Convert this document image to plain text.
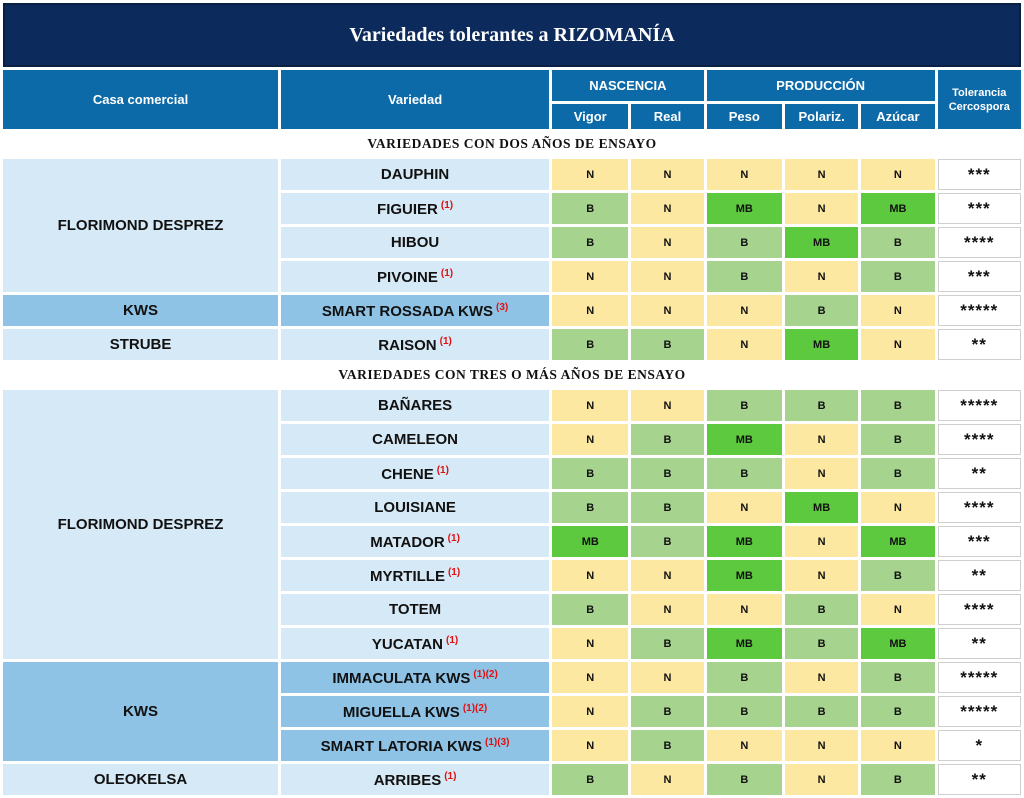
Variedades tolerantes a RIZOMANÍA							
Casa comercial	Variedad	NASCENCIA		PRODUCCIÓN			Tolerancia Cercospora
		Vigor	Real	Peso	Polariz.	Azúcar	
VARIEDADES CON DOS AÑOS DE ENSAYO							
FLORIMOND DESPREZ	DAUPHIN	N	N	N	N	N	***
	FIGUIER $^{(1)}$	B	N	MB	N	MB	***
	HIBOU	B	N	B	MB	B	****
	PIVOINE $^{(1)}$	N	N	B	N	B	***
KWS	SMART ROSSADA KWS $^{(3)}$	N	N	N	B	N	*****
STRUBE	RAISON $^{(1)}$	B	B	N	MB	N	**
VARIEDADES CON TRES O MÁS AÑOS DE ENSAYO							
FLORIMOND DESPREZ	BAÑARES	N	N	B	B	B	*****
	CAMELEON	N	B	MB	N	B	****
	CHENE $^{(1)}$	B	B	B	N	B	**
	LOUISIANE	B	B	N	MB	N	****
	MATADOR $^{(1)}$	MB	B	MB	N	MB	***
	MYRTILLE $^{(1)}$	N	N	MB	N	B	**
	TOTEM	B	N	N	B	N	****
	YUCATAN $^{(1)}$	N	B	MB	B	MB	**
KWS	IMMACULATA KWS $^{(1)(2)}$	N	N	B	N	B	*****
	MIGUELLA KWS $^{(1)(2)}$	N	B	B	B	B	*****
	SMART LATORIA KWS $^{(1)(3)}$	N	B	N	N	N	*
OLEOKELSA	ARRIBES $^{(1)}$	B	N	B	N	B	**
